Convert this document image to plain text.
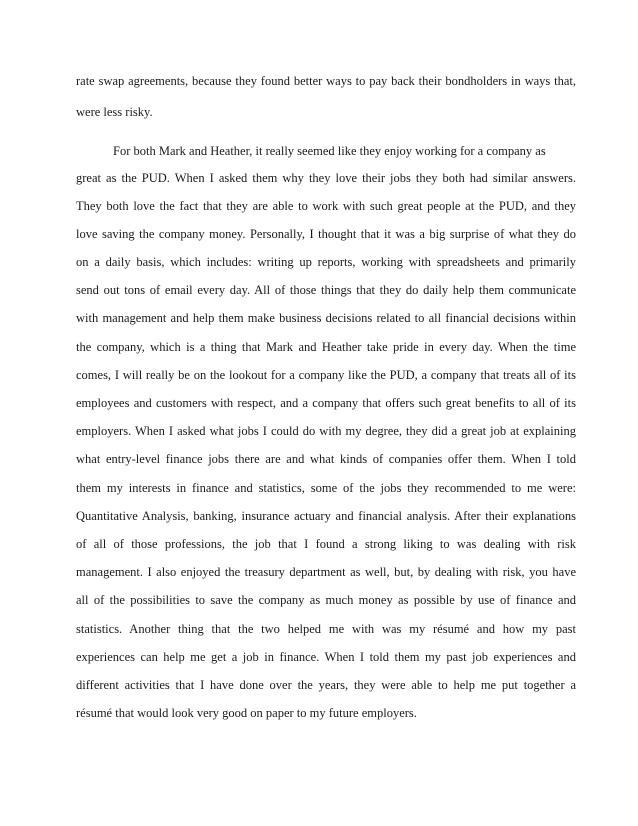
rate swap agreements, because they found better ways to pay back their bondholders in ways that,

were less risky.

For both Mark and Heather, it really seemed like they enjoy working for a company as

great as the PUD. When I asked them why they love their jobs they both had similar answers.

They both love the fact that they are able to work with such great people at the PUD, and they

love saving the company money. Personally, I thought that it was a big surprise of what they do

on a daily basis, which includes: writing up reports, working with spreadsheets and primarily

send out tons of email every day. All of those things that they do daily help them communicate

with management and help them make business decisions related to all financial decisions within

the company, which is a thing that Mark and Heather take pride in every day. When the time

comes, I will really be on the lookout for a company like the PUD, a company that treats all of its

employees and customers with respect, and a company that offers such great benefits to all of its

employers. When I asked what jobs I could do with my degree, they did a great job at explaining

what entry-level finance jobs there are and what kinds of companies offer them. When I told

them my interests in finance and statistics, some of the jobs they recommended to me were:

Quantitative Analysis, banking, insurance actuary and financial analysis. After their explanations

of all of those professions, the job that I found a strong liking to was dealing with risk

management. I also enjoyed the treasury department as well, but, by dealing with risk, you have

all of the possibilities to save the company as much money as possible by use of finance and

statistics. Another thing that the two helped me with was my résumé and how my past

experiences can help me get a job in finance. When I told them my past job experiences and

different activities that I have done over the years, they were able to help me put together a

résumé that would look very good on paper to my future employers.
